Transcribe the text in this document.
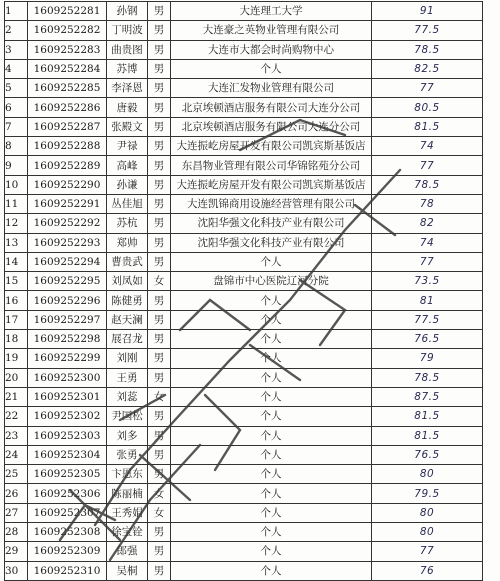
1	1609252281	孙钢	男	大连理工大学	91
2	1609252282	丁明波	男	大连豪之英物业管理有限公司	77.5
3	1609252283	曲贵图	男	大连市大都会时尚购物中心	78.5
4	1609252284	苏博	男	个人	82.5
5	1609252285	李泽恩	男	大连汇发物业管理有限公司	77
6	1609252286	唐毅	男	北京埃顿酒店服务有限公司大连分公司	80.5
7	1609252287	张殿文	男	北京埃顿酒店服务有限公司大连分公司	81.5
8	1609252288	尹禄	男	大连振屹房屋开发有限公司凯宾斯基饭店	74
9	1609252289	高峰	男	东昌物业管理有限公司华锦铭苑分公司	77
10	1609252290	孙谦	男	大连振屹房屋开发有限公司凯宾斯基饭店	78.5
11	1609252291	丛佳旭	男	大连凯锦商用设施经营管理有限公司	78
12	1609252292	苏杭	男	沈阳华强文化科技产业有限公司	82
13	1609252293	郑帅	男	沈阳华强文化科技产业有限公司	74
14	1609252294	曹贵武	男	个人	77
15	1609252295	刘凤如	女	盘锦市中心医院辽河分院	73.5
16	1609252296	陈健勇	男	个人	81
17	1609252297	赵天澜	男	个人	77.5
18	1609252298	展召龙	男	个人	76.5
19	1609252299	刘刚	男	个人	79
20	1609252300	王勇	男	个人	78.5
21	1609252301	刘蕊	女	个人	87.5
22	1609252302	尹国松	男	个人	81.5
23	1609252303	刘多	男	个人	81.5
24	1609252304	张勇	男	个人	76.5
25	1609252305	卞恩东	男	个人	80
26	1609252306	陈丽楠	女	个人	79.5
27	1609252307	王秀娟	女	个人	80
28	1609252308	徐宝铨	男	个人	80
29	1609252309	郎强	男	个人	77
30	1609252310	吴桐	男	个人	76
